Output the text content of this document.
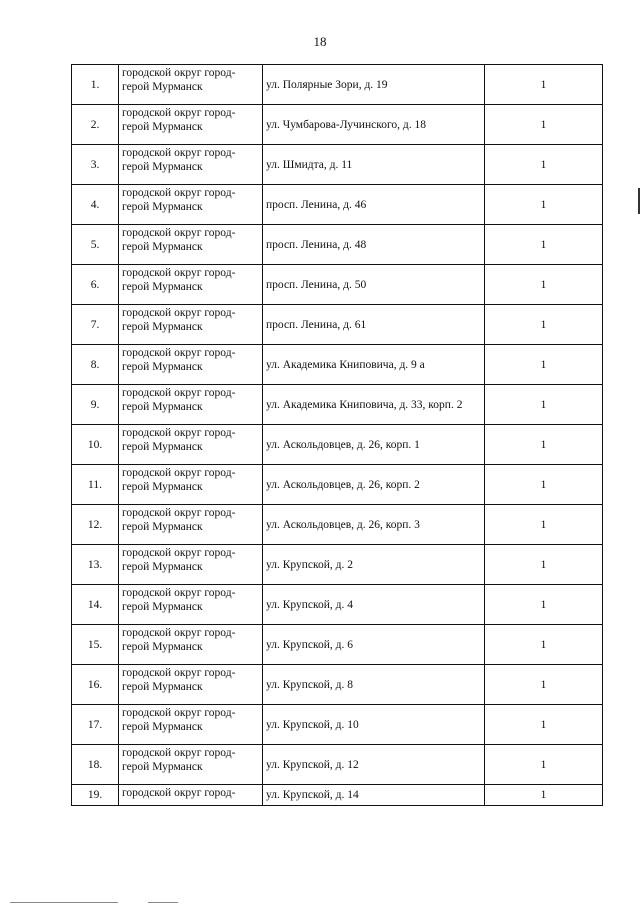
18
1.	городской округ город-герой Мурманск	ул. Полярные Зори, д. 19	1
2.	городской округ город-герой Мурманск	ул. Чумбарова-Лучинского, д. 18	1
3.	городской округ город-герой Мурманск	ул. Шмидта, д. 11	1
4.	городской округ город-герой Мурманск	просп. Ленина, д. 46	1
5.	городской округ город-герой Мурманск	просп. Ленина, д. 48	1
6.	городской округ город-герой Мурманск	просп. Ленина, д. 50	1
7.	городской округ город-герой Мурманск	просп. Ленина, д. 61	1
8.	городской округ город-герой Мурманск	ул. Академика Книповича, д. 9 а	1
9.	городской округ город-герой Мурманск	ул. Академика Книповича, д. 33, корп. 2	1
10.	городской округ город-герой Мурманск	ул. Аскольдовцев, д. 26, корп. 1	1
11.	городской округ город-герой Мурманск	ул. Аскольдовцев, д. 26, корп. 2	1
12.	городской округ город-герой Мурманск	ул. Аскольдовцев, д. 26, корп. 3	1
13.	городской округ город-герой Мурманск	ул. Крупской, д. 2	1
14.	городской округ город-герой Мурманск	ул. Крупской, д. 4	1
15.	городской округ город-герой Мурманск	ул. Крупской, д. 6	1
16.	городской округ город-герой Мурманск	ул. Крупской, д. 8	1
17.	городской округ город-герой Мурманск	ул. Крупской, д. 10	1
18.	городской округ город-герой Мурманск	ул. Крупской, д. 12	1
19.	городской округ город-	ул. Крупской, д. 14	1
